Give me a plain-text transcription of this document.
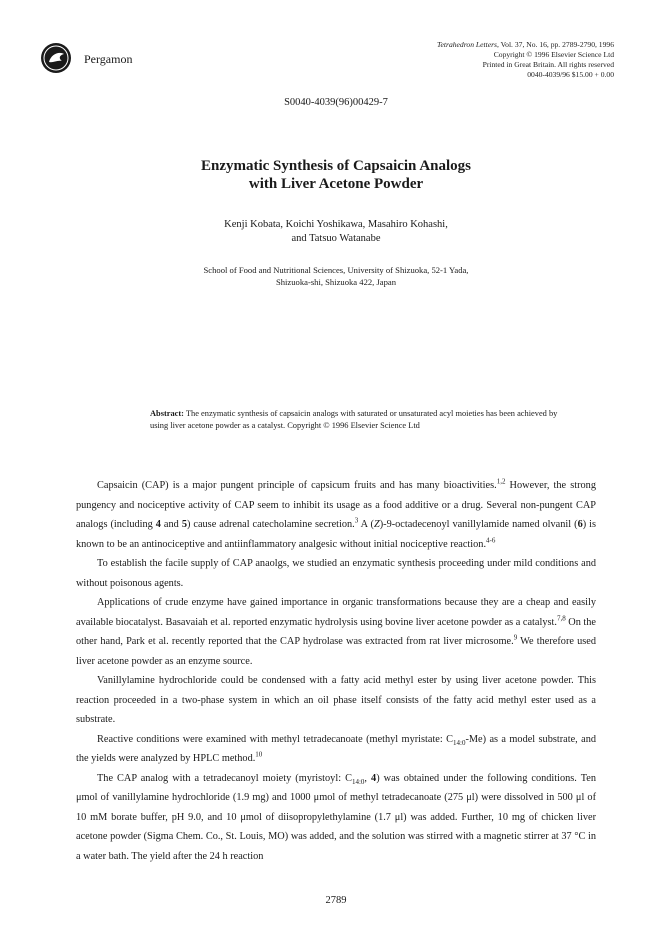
Pergamon
Tetrahedron Letters, Vol. 37, No. 16, pp. 2789-2790, 1996
Copyright © 1996 Elsevier Science Ltd
Printed in Great Britain. All rights reserved
0040-4039/96 $15.00 + 0.00
S0040-4039(96)00429-7
Enzymatic Synthesis of Capsaicin Analogs
with Liver Acetone Powder
Kenji Kobata, Koichi Yoshikawa, Masahiro Kohashi,
and Tatsuo Watanabe
School of Food and Nutritional Sciences, University of Shizuoka, 52-1 Yada,
Shizuoka-shi, Shizuoka 422, Japan
Abstract: The enzymatic synthesis of capsaicin analogs with saturated or unsaturated acyl moieties has been achieved by using liver acetone powder as a catalyst. Copyright © 1996 Elsevier Science Ltd

Capsaicin (CAP) is a major pungent principle of capsicum fruits and has many bioactivities.$^{1,2}$ However, the strong pungency and nociceptive activity of CAP seem to inhibit its usage as a food additive or a drug. Several non-pungent CAP analogs (including 4 and 5) cause adrenal catecholamine secretion.$^3$ A (Z)-9-octadecenoyl vanillylamide named olvanil (6) is known to be an antinociceptive and antiinflammatory analgesic without initial nociceptive reaction.$^{4-6}$

To establish the facile supply of CAP anaolgs, we studied an enzymatic synthesis proceeding under mild conditions and without poisonous agents.

Applications of crude enzyme have gained importance in organic transformations because they are a cheap and easily available biocatalyst. Basavaiah et al. reported enzymatic hydrolysis using bovine liver acetone powder as a catalyst.$^{7,8}$ On the other hand, Park et al. recently reported that the CAP hydrolase was extracted from rat liver microsome.$^9$ We therefore used liver acetone powder as an enzyme source.

Vanillylamine hydrochloride could be condensed with a fatty acid methyl ester by using liver acetone powder. This reaction proceeded in a two-phase system in which an oil phase itself consists of the fatty acid methyl ester used as a substrate.

Reactive conditions were examined with methyl tetradecanoate (methyl myristate: $C_{14:0}-Me$) as a model substrate, and the yields were analyzed by HPLC method.$^{10}$

The CAP analog with a tetradecanoyl moiety (myristoyl: $C_{14:0}$, 4) was obtained under the following conditions. Ten μmol of vanillylamine hydrochloride (1.9 mg) and 1000 μmol of methyl tetradecanoate (275 μl) were dissolved in 500 μl of 10 mM borate buffer, pH 9.0, and 10 μmol of diisopropylethylamine (1.7 μl) was added. Further, 10 mg of chicken liver acetone powder (Sigma Chem. Co., St. Louis, MO) was added, and the solution was stirred with a magnetic stirrer at 37 °C in a water bath. The yield after the 24 h reaction

2789
